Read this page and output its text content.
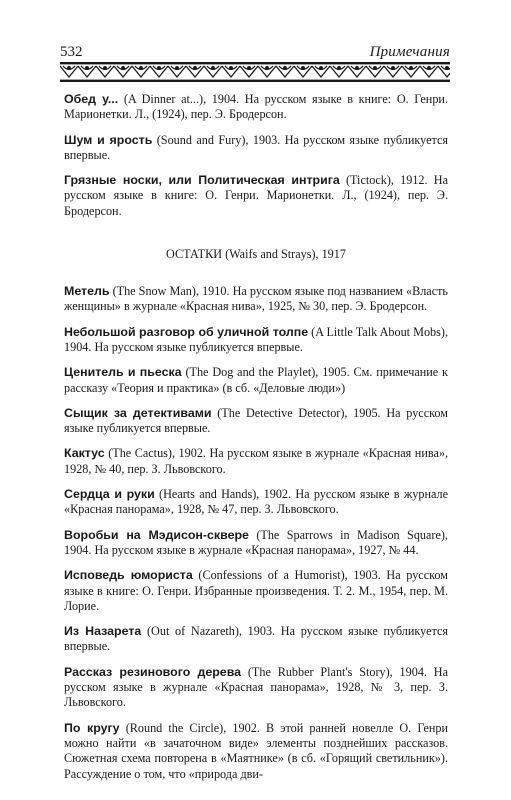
532	Примечания

Обед у... (A Dinner at...), 1904. На русском языке в книге: О. Генри. Марионетки. Л., (1924), пер. Э. Бродерсон.

Шум и ярость (Sound and Fury), 1903. На русском языке публикуется впервые.

Грязные носки, или Политическая интрига (Tictock), 1912. На русском языке в книге: О. Генри. Марионетки. Л., (1924), пер. Э. Бродерсон.

ОСТАТКИ (Waifs and Strays), 1917

Метель (The Snow Man), 1910. На русском языке под названием «Власть женщины» в журнале «Красная нива», 1925, № 30, пер. Э. Бродерсон.

Небольшой разговор об уличной толпе (A Little Talk About Mobs), 1904. На русском языке публикуется впервые.

Ценитель и пьеска (The Dog and the Playlet), 1905. См. примечание к рассказу «Теория и практика» (в сб. «Деловые люди»)

Сыщик за детективами (The Detective Detector), 1905. На русском языке публикуется впервые.

Кактус (The Cactus), 1902. На русском языке в журнале «Красная нива», 1928, № 40, пер. З. Львовского.

Сердца и руки (Hearts and Hands), 1902. На русском языке в журнале «Красная панорама», 1928, № 47, пер. З. Львовского.

Воробьи на Мэдисон-сквере (The Sparrows in Madison Square), 1904. На русском языке в журнале «Красная панорама», 1927, № 44.

Исповедь юмориста (Confessions of a Humorist), 1903. На русском языке в книге: О. Генри. Избранные произведения. Т. 2. М., 1954, пер. М. Лорие.

Из Назарета (Out of Nazareth), 1903. На русском языке публикуется впервые.

Рассказ резинового дерева (The Rubber Plant's Story), 1904. На русском языке в журнале «Красная панорама», 1928, № 3, пер. З. Львовского.

По кругу (Round the Circle), 1902. В этой ранней новелле О. Генри можно найти «в зачаточном виде» элементы позднейших рассказов. Сюжетная схема повторена в «Маятнике» (в сб. «Горящий светильник»). Рассуждение о том, что «природа дви-
